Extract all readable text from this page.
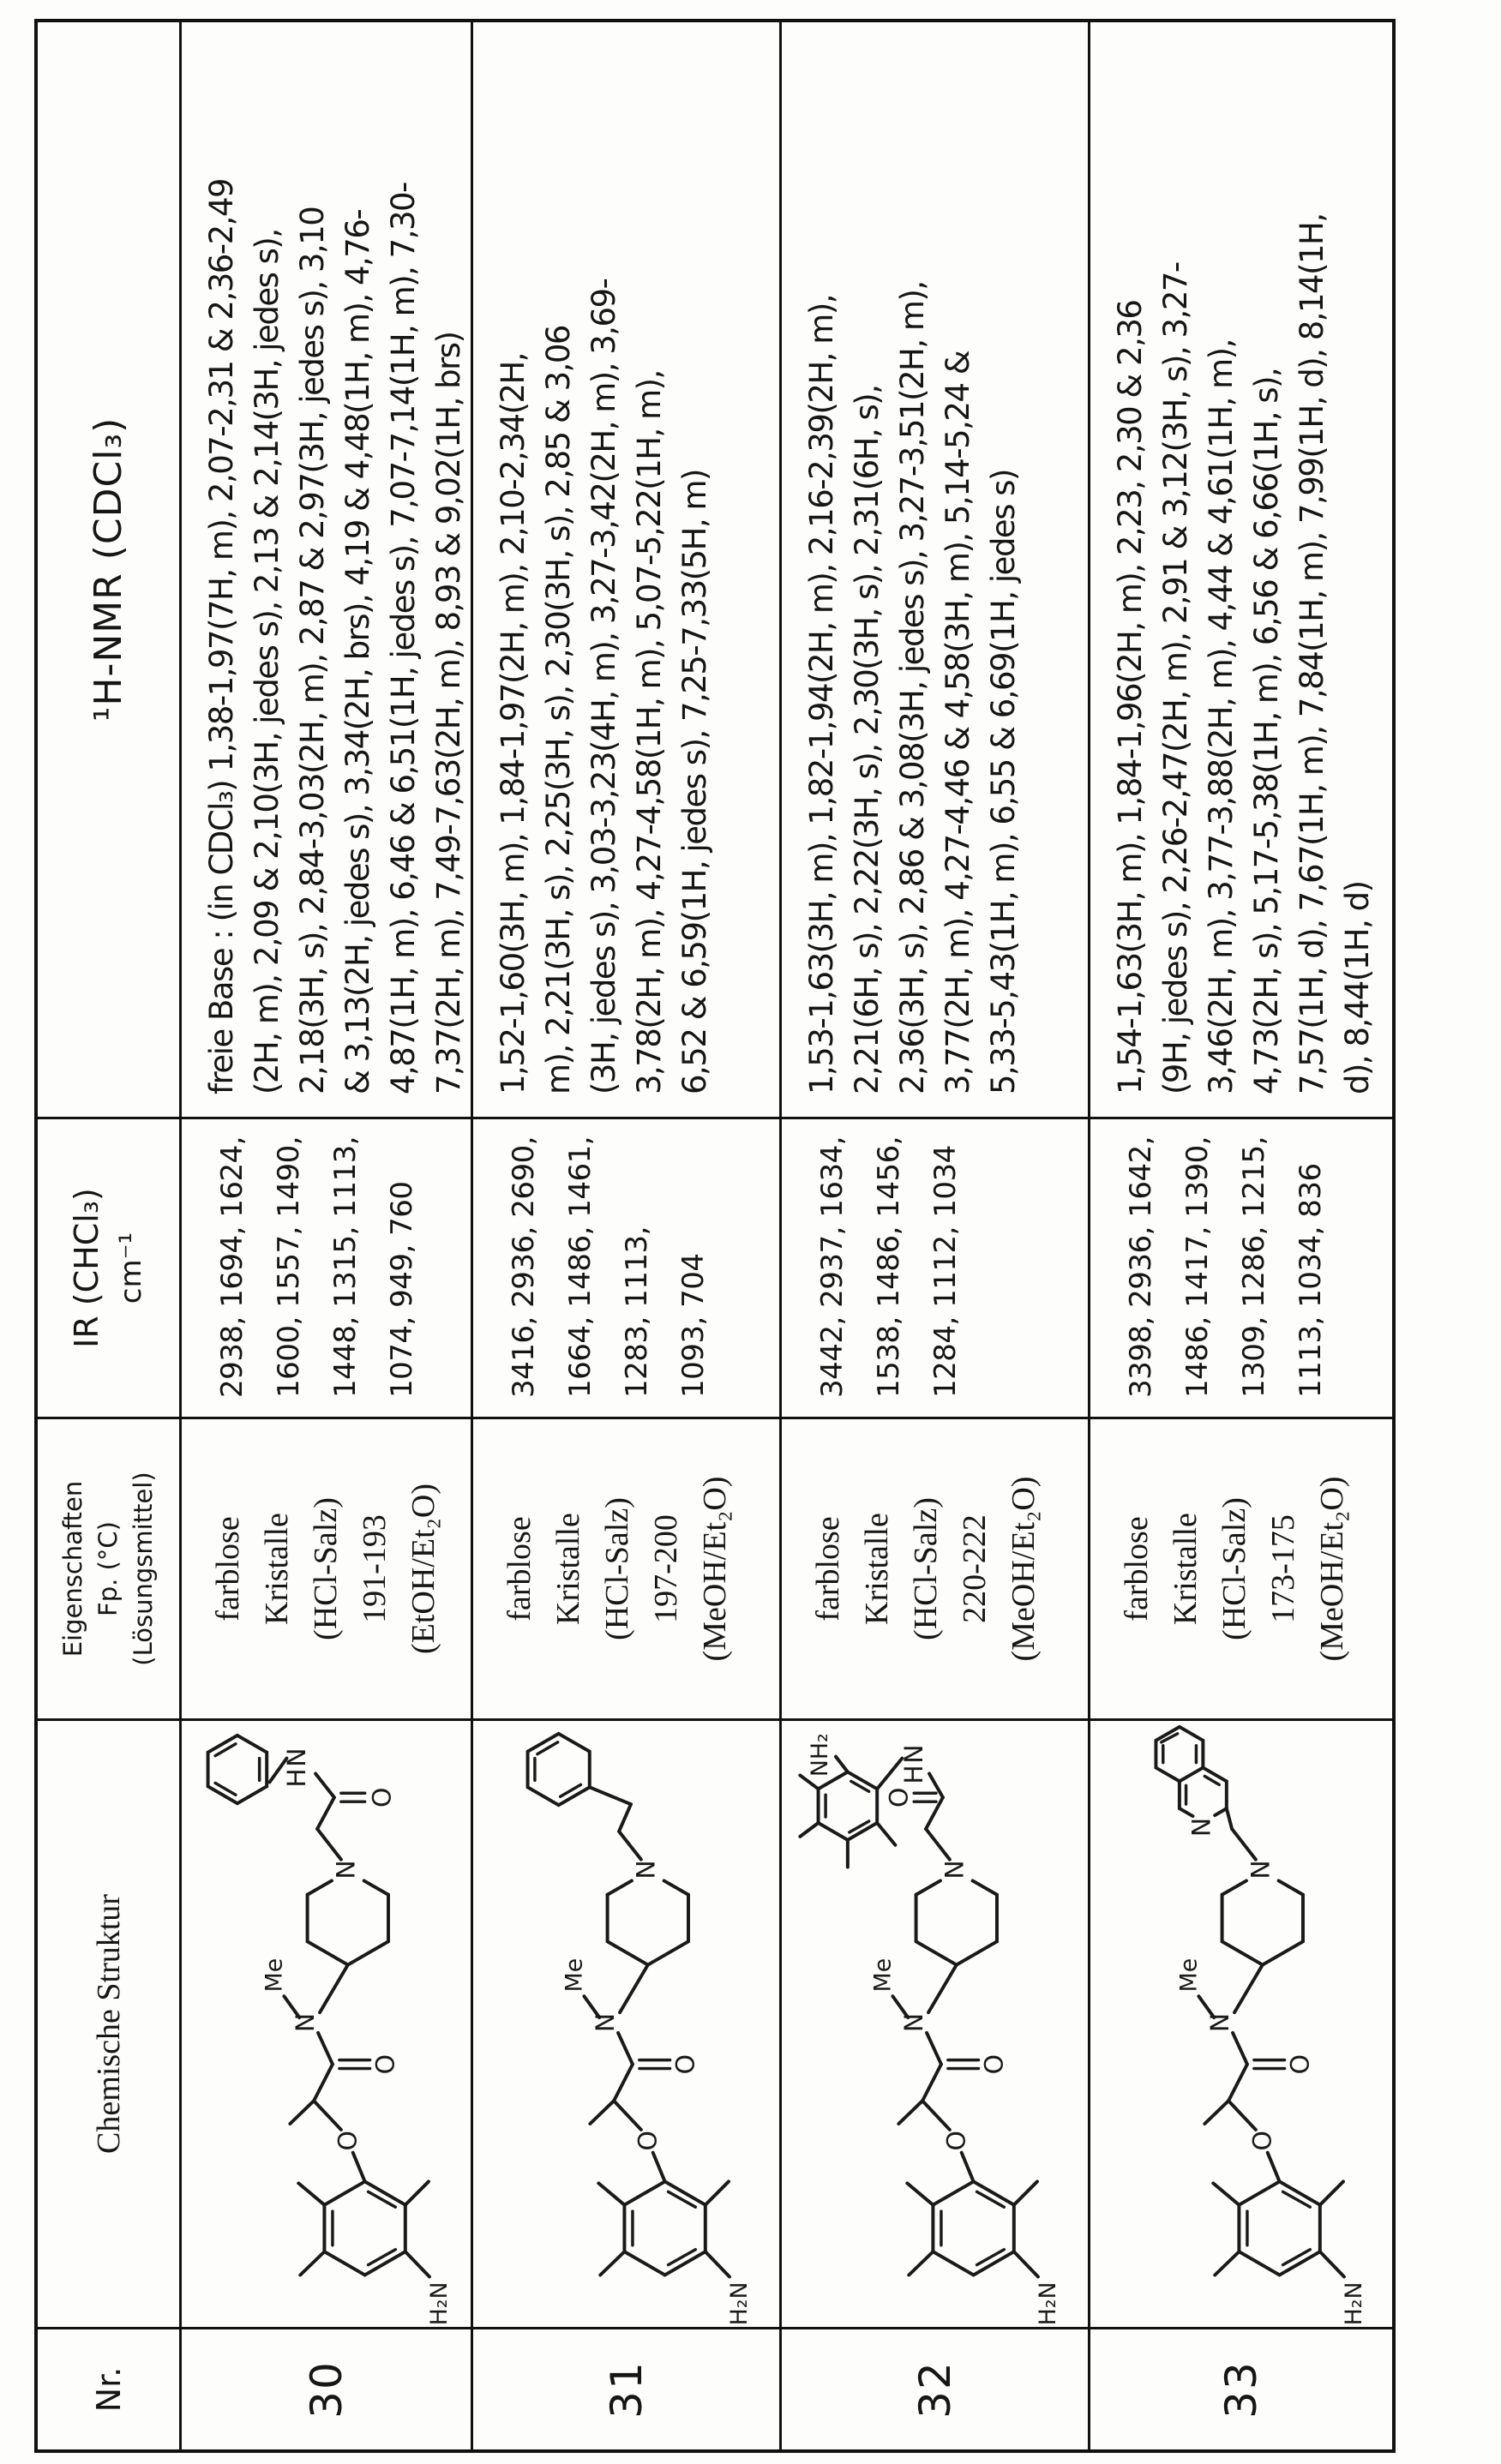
Nr.
Chemische Struktur
Eigenschaften Fp. (°C) (Lösungsmittel)
IR (CHCl₃) cm⁻¹
¹H-NMR (CDCl₃)
30
H₂N
O
O
N
Me
N
O
H
N
farblose Kristalle (HCl-Salz) 191-193 (EtOH/Et₂O)
2938, 1694, 1624, 1600, 1557, 1490, 1448, 1315, 1113, 1074, 949, 760
freie Base : (in CDCl₃) 1,38-1,97(7H, m), 2,07-2,31 & 2,36-2,49 (2H, m), 2,09 & 2,10(3H, jedes s), 2,13 & 2,14(3H, jedes s), 2,18(3H, s), 2,84-3,03(2H, m), 2,87 & 2,97(3H, jedes s), 3,10 & 3,13(2H, jedes s), 3,34(2H, brs), 4,19 & 4,48(1H, m), 4,76- 4,87(1H, m), 6,46 & 6,51(1H, jedes s), 7,07-7,14(1H, m), 7,30- 7,37(2H, m), 7,49-7,63(2H, m), 8,93 & 9,02(1H, brs)
31
H₂N
O
O
N
Me
N
farblose Kristalle (HCl-Salz) 197-200 (MeOH/Et₂O)
3416, 2936, 2690, 1664, 1486, 1461, 1283, 1113, 1093, 704
1,52-1,60(3H, m), 1,84-1,97(2H, m), 2,10-2,34(2H, m), 2,21(3H, s), 2,25(3H, s), 2,30(3H, s), 2,85 & 3,06 (3H, jedes s), 3,03-3,23(4H, m), 3,27-3,42(2H, m), 3,69- 3,78(2H, m), 4,27-4,58(1H, m), 5,07-5,22(1H, m), 6,52 & 6,59(1H, jedes s), 7,25-7,33(5H, m)
32
H₂N
O
O
N
Me
N
O
H
N
NH₂
farblose Kristalle (HCl-Salz) 220-222 (MeOH/Et₂O)
3442, 2937, 1634, 1538, 1486, 1456, 1284, 1112, 1034
1,53-1,63(3H, m), 1,82-1,94(2H, m), 2,16-2,39(2H, m), 2,21(6H, s), 2,22(3H, s), 2,30(3H, s), 2,31(6H, s), 2,36(3H, s), 2,86 & 3,08(3H, jedes s), 3,27-3,51(2H, m), 3,77(2H, m), 4,27-4,46 & 4,58(3H, m), 5,14-5,24 & 5,33-5,43(1H, m), 6,55 & 6,69(1H, jedes s)
33
H₂N
O
O
N
Me
N
N
farblose Kristalle (HCl-Salz) 173-175 (MeOH/Et₂O)
3398, 2936, 1642, 1486, 1417, 1390, 1309, 1286, 1215, 1113, 1034, 836
1,54-1,63(3H, m), 1,84-1,96(2H, m), 2,23, 2,30 & 2,36 (9H, jedes s), 2,26-2,47(2H, m), 2,91 & 3,12(3H, s), 3,27- 3,46(2H, m), 3,77-3,88(2H, m), 4,44 & 4,61(1H, m), 4,73(2H, s), 5,17-5,38(1H, m), 6,56 & 6,66(1H, s), 7,57(1H, d), 7,67(1H, m), 7,84(1H, m), 7,99(1H, d), 8,14(1H, d), 8,44(1H, d)
